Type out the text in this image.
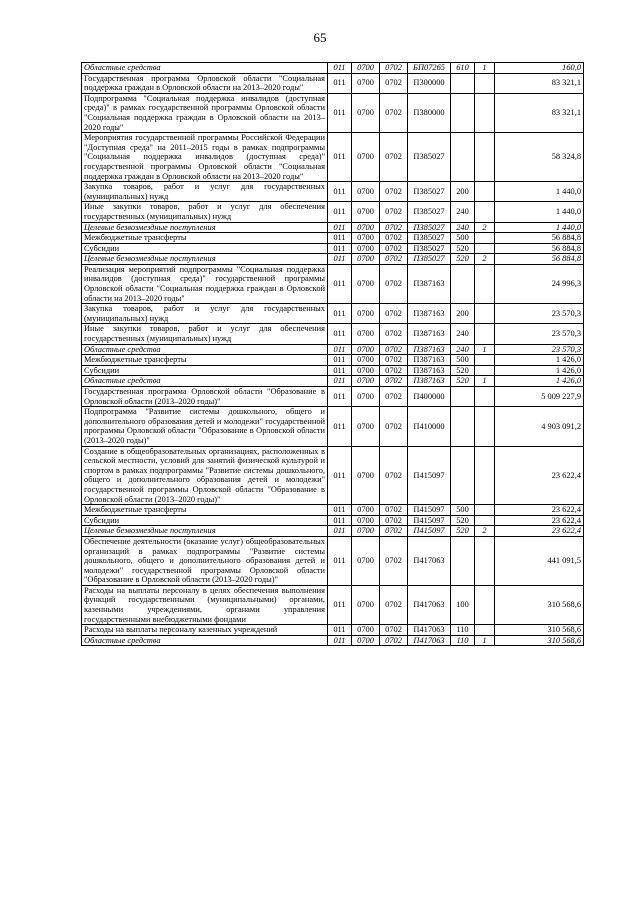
65
Областные средства	011	0700	0702	БП07265	610	1	160,0
Государственная программа Орловской области "Социальная поддержка граждан в Орловской области на 2013–2020 годы"	011	0700	0702	П300000			83 321,1
Подпрограмма "Социальная поддержка инвалидов (доступная среда)" в рамках государственной программы Орловской области "Социальная поддержка граждан в Орловской области на 2013–2020 годы"	011	0700	0702	П380000			83 321,1
Мероприятия государственной программы Российской Федерации "Доступная среда" на 2011–2015 годы в рамках подпрограммы "Социальная поддержка инвалидов (доступная среда)" государственной программы Орловской области "Социальная поддержка граждан в Орловской области на 2013–2020 годы"	011	0700	0702	П385027			58 324,8
Закупка товаров, работ и услуг для государственных (муниципальных) нужд	011	0700	0702	П385027	200		1 440,0
Иные закупки товаров, работ и услуг для обеспечения государственных (муниципальных) нужд	011	0700	0702	П385027	240		1 440,0
Целевые безвозмездные поступления	011	0700	0702	П385027	240	2	1 440,0
Межбюджетные трансферты	011	0700	0702	П385027	500		56 884,8
Субсидии	011	0700	0702	П385027	520		56 884,8
Целевые безвозмездные поступления	011	0700	0702	П385027	520	2	56 884,8
Реализация мероприятий подпрограммы "Социальная поддержка инвалидов (доступная среда)" государственной программы Орловской области "Социальная поддержка граждан в Орловской области на 2013–2020 годы"	011	0700	0702	П387163			24 996,3
Закупка товаров, работ и услуг для государственных (муниципальных) нужд	011	0700	0702	П387163	200		23 570,3
Иные закупки товаров, работ и услуг для обеспечения государственных (муниципальных) нужд	011	0700	0702	П387163	240		23 570,3
Областные средства	011	0700	0702	П387163	240	1	23 570,3
Межбюджетные трансферты	011	0700	0702	П387163	500		1 426,0
Субсидии	011	0700	0702	П387163	520		1 426,0
Областные средства	011	0700	0702	П387163	520	1	1 426,0
Государственная программа Орловской области "Образование в Орловской области (2013–2020 годы)"	011	0700	0702	П400000			5 009 227,9
Подпрограмма "Развитие системы дошкольного, общего и дополнительного образования детей и молодежи" государственной программы Орловской области "Образование в Орловской области (2013–2020 годы)"	011	0700	0702	П410000			4 903 091,2
Создание в общеобразовательных организациях, расположенных в сельской местности, условий для занятий физической культурой и спортом в рамках подпрограммы "Развитие системы дошкольного, общего и дополнительного образования детей и молодежи" государственной программы Орловской области "Образование в Орловской области (2013–2020 годы)"	011	0700	0702	П415097			23 622,4
Межбюджетные трансферты	011	0700	0702	П415097	500		23 622,4
Субсидии	011	0700	0702	П415097	520		23 622,4
Целевые безвозмездные поступления	011	0700	0702	П415097	520	2	23 622,4
Обеспечение деятельности (оказание услуг) общеобразовательных организаций в рамках подпрограммы "Развитие системы дошкольного, общего и дополнительного образования детей и молодежи" государственной программы Орловской области "Образование в Орловской области (2013–2020 годы)"	011	0700	0702	П417063			441 091,5
Расходы на выплаты персоналу в целях обеспечения выполнения функций государственными (муниципальными) органами, казенными учреждениями, органами управления государственными внебюджетными фондами	011	0700	0702	П417063	100		310 568,6
Расходы на выплаты персоналу казенных учреждений	011	0700	0702	П417063	110		310 568,6
Областные средства	011	0700	0702	П417063	110	1	310 568,6
